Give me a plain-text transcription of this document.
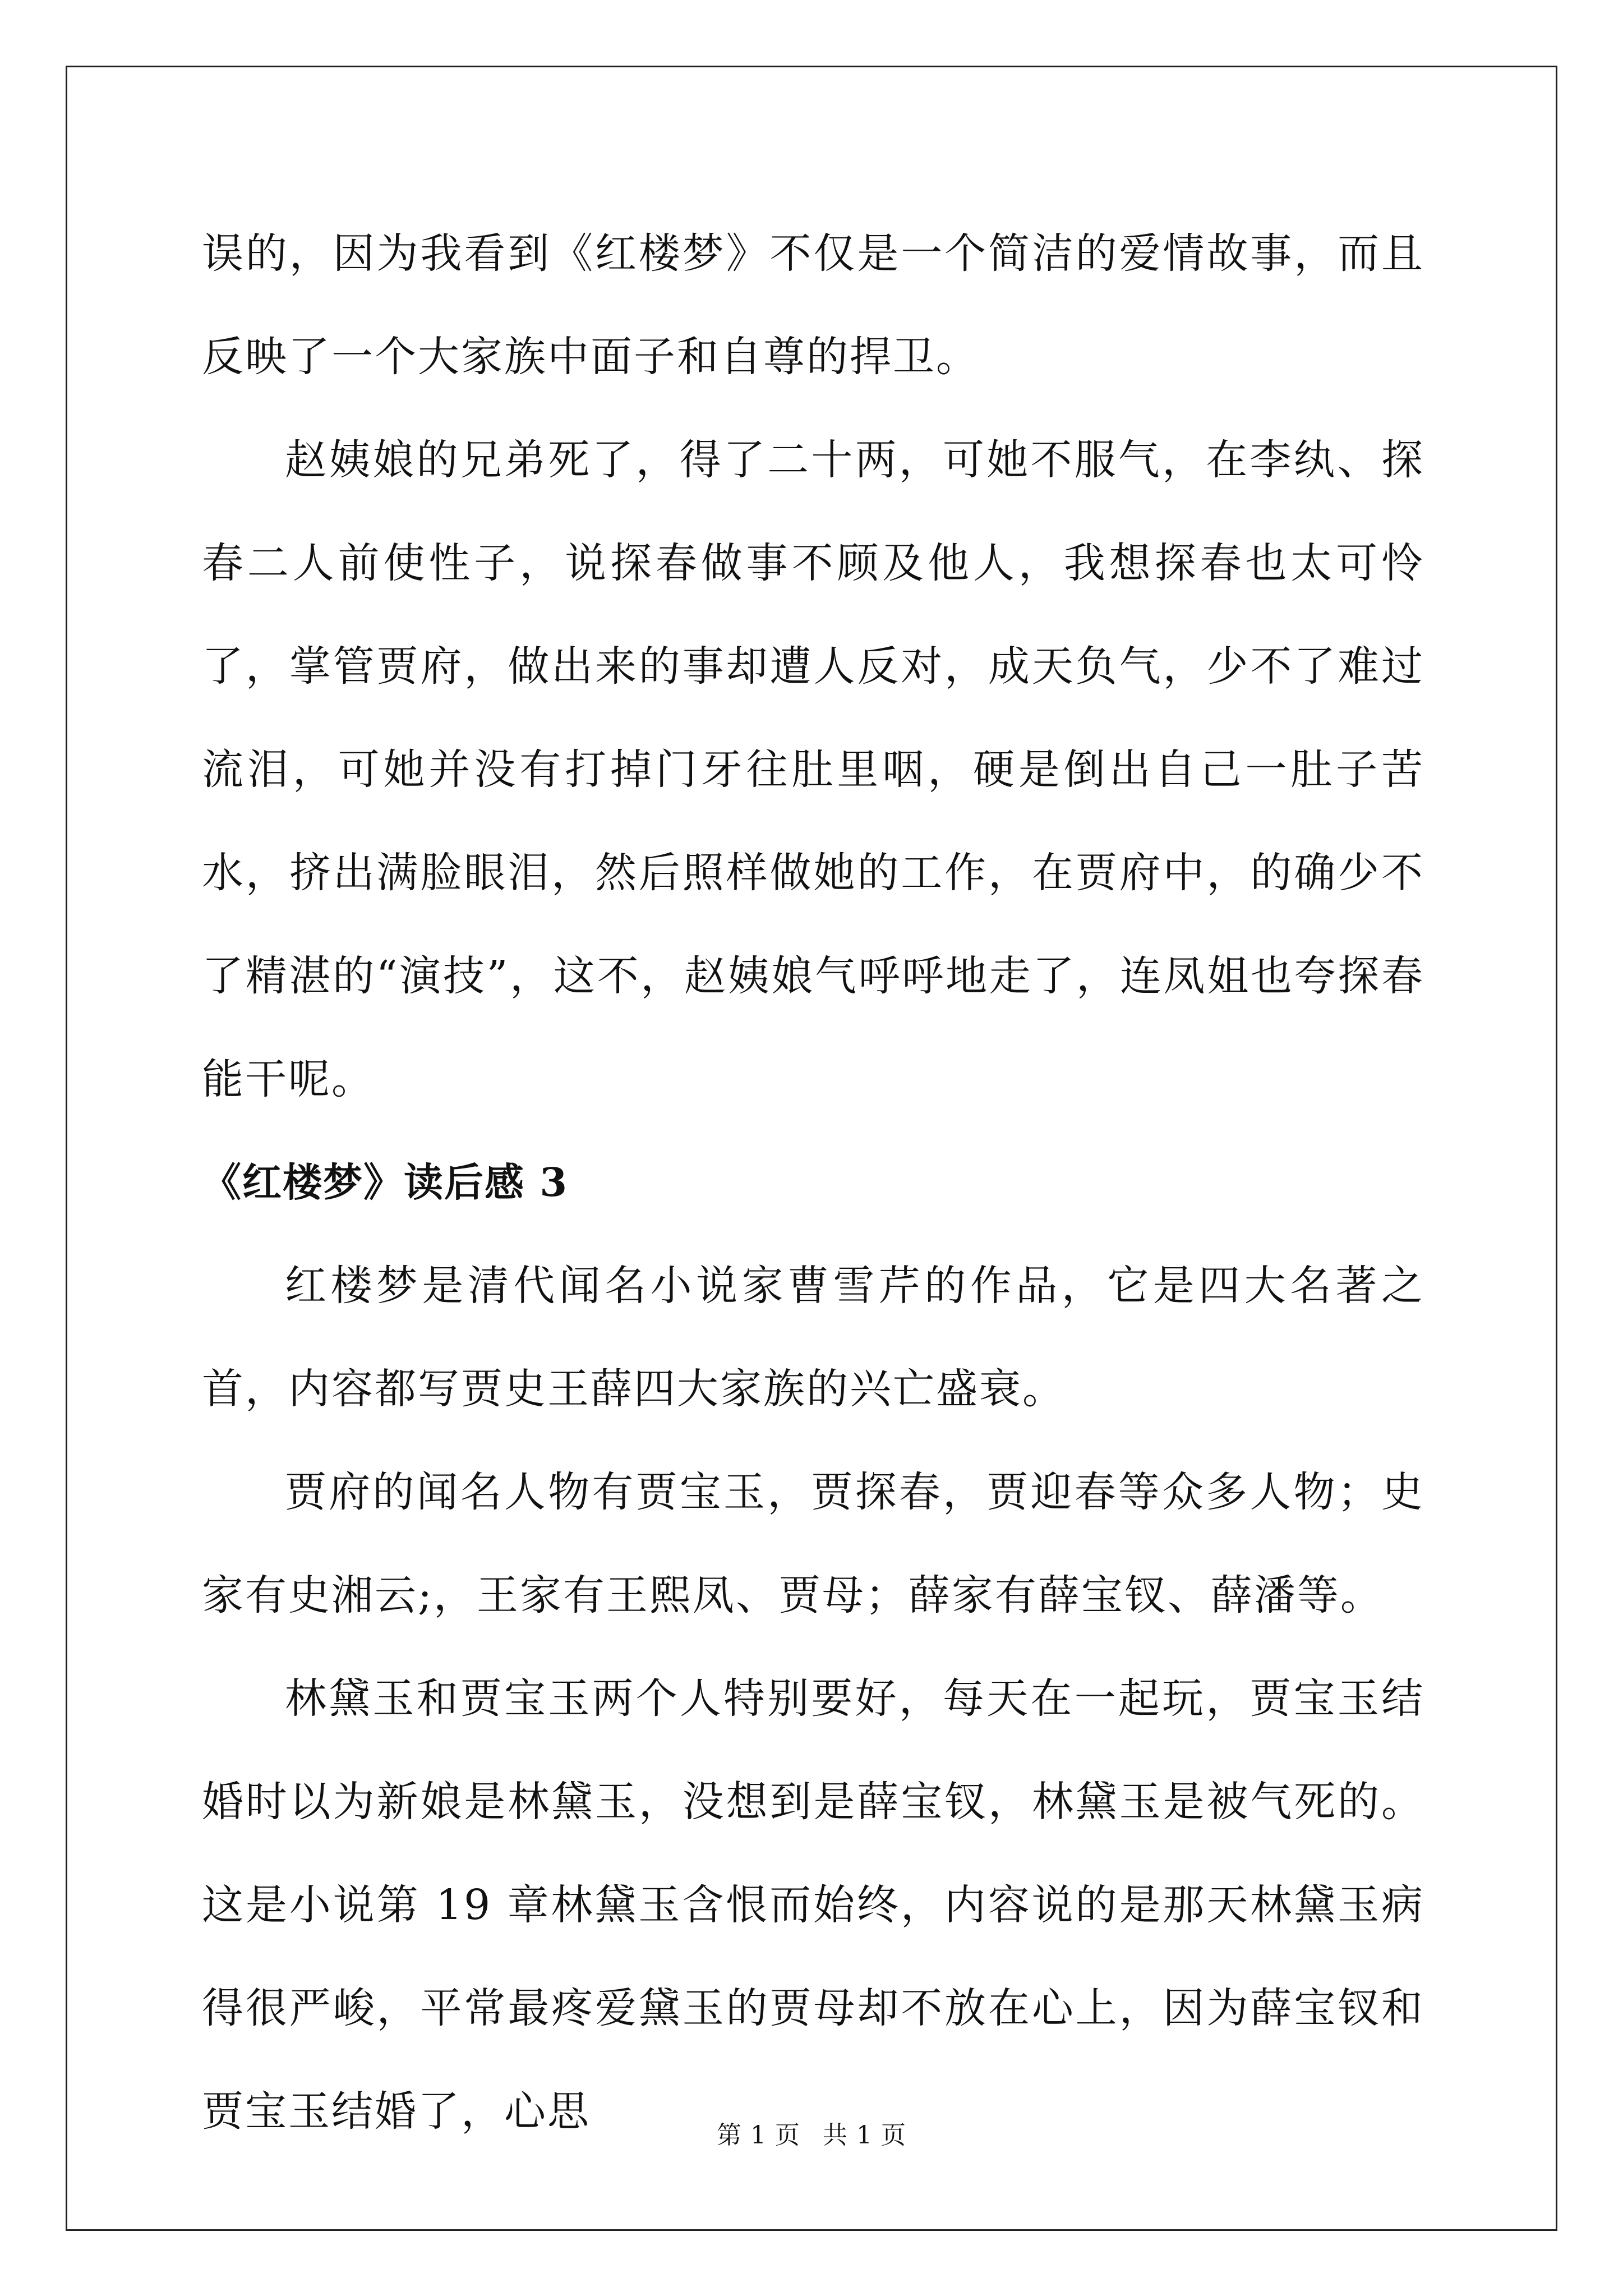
误的，因为我看到《红楼梦》不仅是一个简洁的爱情故事，而且反映了一个大家族中面子和自尊的捍卫。

赵姨娘的兄弟死了，得了二十两，可她不服气，在李纨、探春二人前使性子，说探春做事不顾及他人，我想探春也太可怜了，掌管贾府，做出来的事却遭人反对，成天负气，少不了难过流泪，可她并没有打掉门牙往肚里咽，硬是倒出自己一肚子苦水，挤出满脸眼泪，然后照样做她的工作，在贾府中，的确少不了精湛的“演技”，这不，赵姨娘气呼呼地走了，连凤姐也夸探春能干呢。

《红楼梦》读后感 3

红楼梦是清代闻名小说家曹雪芹的作品，它是四大名著之首，内容都写贾史王薛四大家族的兴亡盛衰。

贾府的闻名人物有贾宝玉，贾探春，贾迎春等众多人物；史家有史湘云;，王家有王熙凤、贾母；薛家有薛宝钗、薛潘等。

林黛玉和贾宝玉两个人特别要好，每天在一起玩，贾宝玉结婚时以为新娘是林黛玉，没想到是薛宝钗，林黛玉是被气死的。这是小说第 19 章林黛玉含恨而始终，内容说的是那天林黛玉病得很严峻，平常最疼爱黛玉的贾母却不放在心上，因为薛宝钗和贾宝玉结婚了，心思	第 1 页 共 1 页
